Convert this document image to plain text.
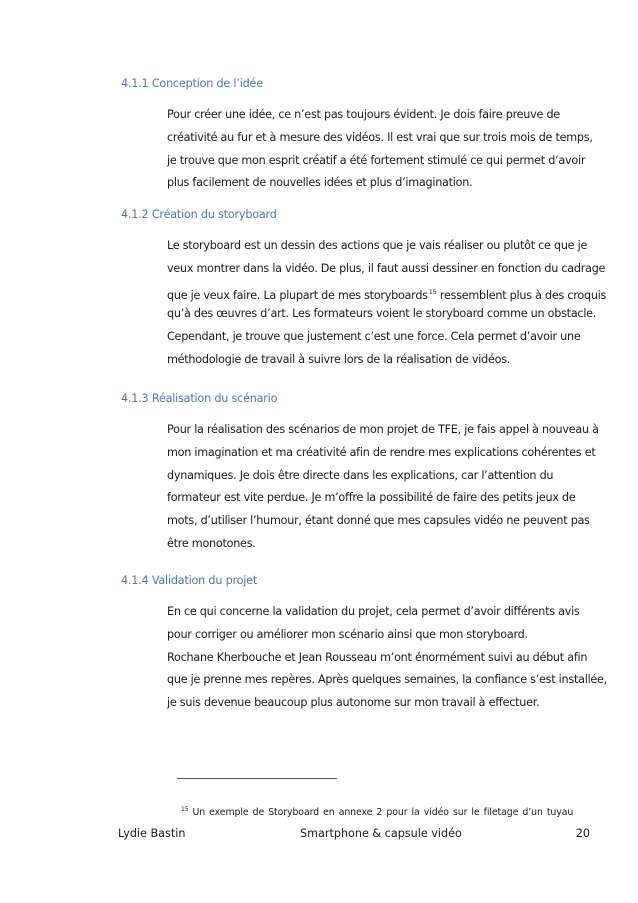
4.1.1 Conception de l’idée
Pour créer une idée, ce n’est pas toujours évident. Je dois faire preuve de
créativité au fur et à mesure des vidéos. Il est vrai que sur trois mois de temps,
je trouve que mon esprit créatif a été fortement stimulé ce qui permet d’avoir
plus facilement de nouvelles idées et plus d’imagination.
4.1.2 Création du storyboard
Le storyboard est un dessin des actions que je vais réaliser ou plutôt ce que je
veux montrer dans la vidéo. De plus, il faut aussi dessiner en fonction du cadrage
que je veux faire. La plupart de mes storyboards$^{15}$ ressemblent plus à des croquis
qu’à des œuvres d’art. Les formateurs voient le storyboard comme un obstacle.
Cependant, je trouve que justement c’est une force. Cela permet d’avoir une
méthodologie de travail à suivre lors de la réalisation de vidéos.
4.1.3 Réalisation du scénario
Pour la réalisation des scénarios de mon projet de TFE, je fais appel à nouveau à
mon imagination et ma créativité afin de rendre mes explications cohérentes et
dynamiques. Je dois être directe dans les explications, car l’attention du
formateur est vite perdue. Je m’offre la possibilité de faire des petits jeux de
mots, d’utiliser l’humour, étant donné que mes capsules vidéo ne peuvent pas
être monotones.
4.1.4 Validation du projet
En ce qui concerne la validation du projet, cela permet d’avoir différents avis
pour corriger ou améliorer mon scénario ainsi que mon storyboard.
Rochane Kherbouche et Jean Rousseau m’ont énormément suivi au début afin
que je prenne mes repères. Après quelques semaines, la confiance s’est installée,
je suis devenue beaucoup plus autonome sur mon travail à effectuer.
$^{15}$ Un exemple de Storyboard en annexe 2 pour la vidéo sur le filetage d’un tuyau
Lydie Bastin	Smartphone & capsule vidéo	20
